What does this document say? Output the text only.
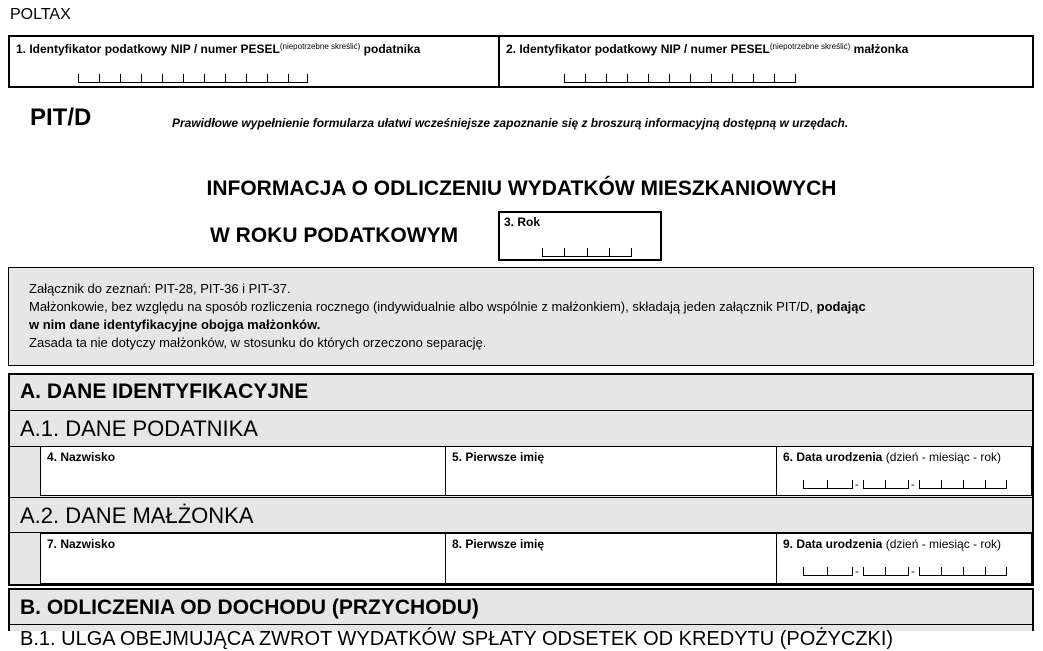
POLTAX
1. Identyfikator podatkowy NIP / numer $PESEL^{(niepotrzebne skreślić)}$ podatnika	2. Identyfikator podatkowy NIP / numer $PESEL^{(niepotrzebne skreślić)}$ małżonka
PIT/D	Prawidłowe wypełnienie formularza ułatwi wcześniejsze zapoznanie się z broszurą informacyjną dostępną w urzędach.
INFORMACJA O ODLICZENIU WYDATKÓW MIESZKANIOWYCH
W ROKU PODATKOWYM
3. Rok
Załącznik do zeznań: PIT-28, PIT-36 i PIT-37.
Małżonkowie, bez względu na sposób rozliczenia rocznego (indywidualnie albo wspólnie z małżonkiem), składają jeden załącznik PIT/D, podając
w nim dane identyfikacyjne obojga małżonków.
Zasada ta nie dotyczy małżonków, w stosunku do których orzeczono separację.
A. DANE IDENTYFIKACYJNE
A.1. DANE PODATNIKA
4. Nazwisko	5. Pierwsze imię	6. Data urodzenia (dzień - miesiąc - rok)
-	-
A.2. DANE MAŁŻONKA
7. Nazwisko	8. Pierwsze imię	9. Data urodzenia (dzień - miesiąc - rok)
-	-
B. ODLICZENIA OD DOCHODU (PRZYCHODU)
B.1. ULGA OBEJMUJĄCA ZWROT WYDATKÓW SPŁATY ODSETEK OD KREDYTU (POŻYCZKI)
